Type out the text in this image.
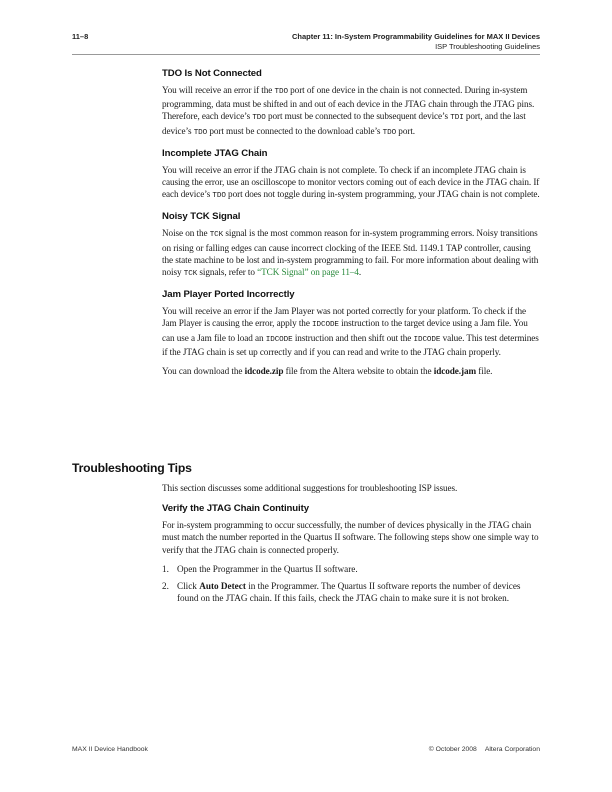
11–8	Chapter 11: In-System Programmability Guidelines for MAX II Devices
ISP Troubleshooting Guidelines
TDO Is Not Connected

You will receive an error if the TDO port of one device in the chain is not connected. During in-system programming, data must be shifted in and out of each device in the JTAG chain through the JTAG pins. Therefore, each device’s TDO port must be connected to the subsequent device’s TDI port, and the last device’s TDO port must be connected to the download cable’s TDO port.

Incomplete JTAG Chain

You will receive an error if the JTAG chain is not complete. To check if an incomplete JTAG chain is causing the error, use an oscilloscope to monitor vectors coming out of each device in the JTAG chain. If each device’s TDO port does not toggle during in-system programming, your JTAG chain is not complete.

Noisy TCK Signal

Noise on the TCK signal is the most common reason for in-system programming errors. Noisy transitions on rising or falling edges can cause incorrect clocking of the IEEE Std. 1149.1 TAP controller, causing the state machine to be lost and in-system programming to fail. For more information about dealing with noisy TCK signals, refer to “TCK Signal” on page 11–4.

Jam Player Ported Incorrectly

You will receive an error if the Jam Player was not ported correctly for your platform. To check if the Jam Player is causing the error, apply the IDCODE instruction to the target device using a Jam file. You can use a Jam file to load an IDCODE instruction and then shift out the IDCODE value. This test determines if the JTAG chain is set up correctly and if you can read and write to the JTAG chain properly.

You can download the idcode.zip file from the Altera website to obtain the idcode.jam file.

Troubleshooting Tips

This section discusses some additional suggestions for troubleshooting ISP issues.

Verify the JTAG Chain Continuity

For in-system programming to occur successfully, the number of devices physically in the JTAG chain must match the number reported in the Quartus II software. The following steps show one simple way to verify that the JTAG chain is connected properly.

1. Open the Programmer in the Quartus II software.
2. Click Auto Detect in the Programmer. The Quartus II software reports the number of devices found on the JTAG chain. If this fails, check the JTAG chain to make sure it is not broken.
MAX II Device Handbook	© October 2008 Altera Corporation
